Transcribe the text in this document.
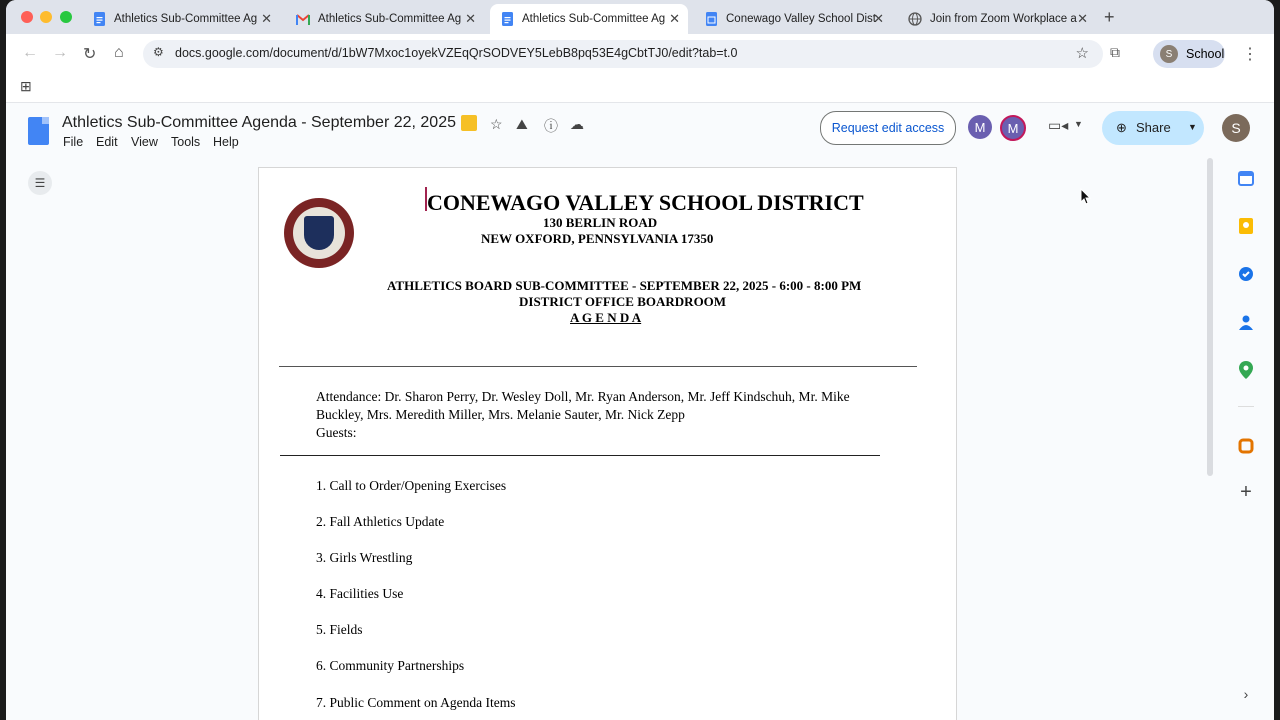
Athletics Sub-Committee Ag ✕	Athletics Sub-Committee Ag ✕	Athletics Sub-Committee Ag ✕	Conewago Valley School Dist
✕	Join from Zoom Workplace a ✕ +
← → ↻ ⌂ ⚙ docs.google.com/document/d/1bW7Mxoc1oyekVZEqQrSODVEY5LebB8pq53E4gCbtTJ0/edit?tab=t.0	☆ ⧉	⋮
S	School
⊞
Athletics Sub-Committee Agenda - September 22, 2025
File Edit View Tools Help
☆ ⛰ ⓘ ☁	Request edit access	M	M	▭◂ ▼	⊕ Share ▼	S
☰
CONEWAGO VALLEY SCHOOL DISTRICT
130 BERLIN ROAD
NEW OXFORD, PENNSYLVANIA 17350
ATHLETICS BOARD SUB-COMMITTEE - SEPTEMBER 22, 2025 - 6:00 - 8:00 PM
DISTRICT OFFICE BOARDROOM
A G E N D A
Attendance: Dr. Sharon Perry, Dr. Wesley Doll, Mr. Ryan Anderson, Mr. Jeff Kindschuh, Mr. Mike
Buckley, Mrs. Meredith Miller, Mrs. Melanie Sauter, Mr. Nick Zepp
Guests:
1. Call to Order/Opening Exercises
2. Fall Athletics Update
3. Girls Wrestling
4. Facilities Use
5. Fields
6. Community Partnerships
7. Public Comment on Agenda Items
+
›
